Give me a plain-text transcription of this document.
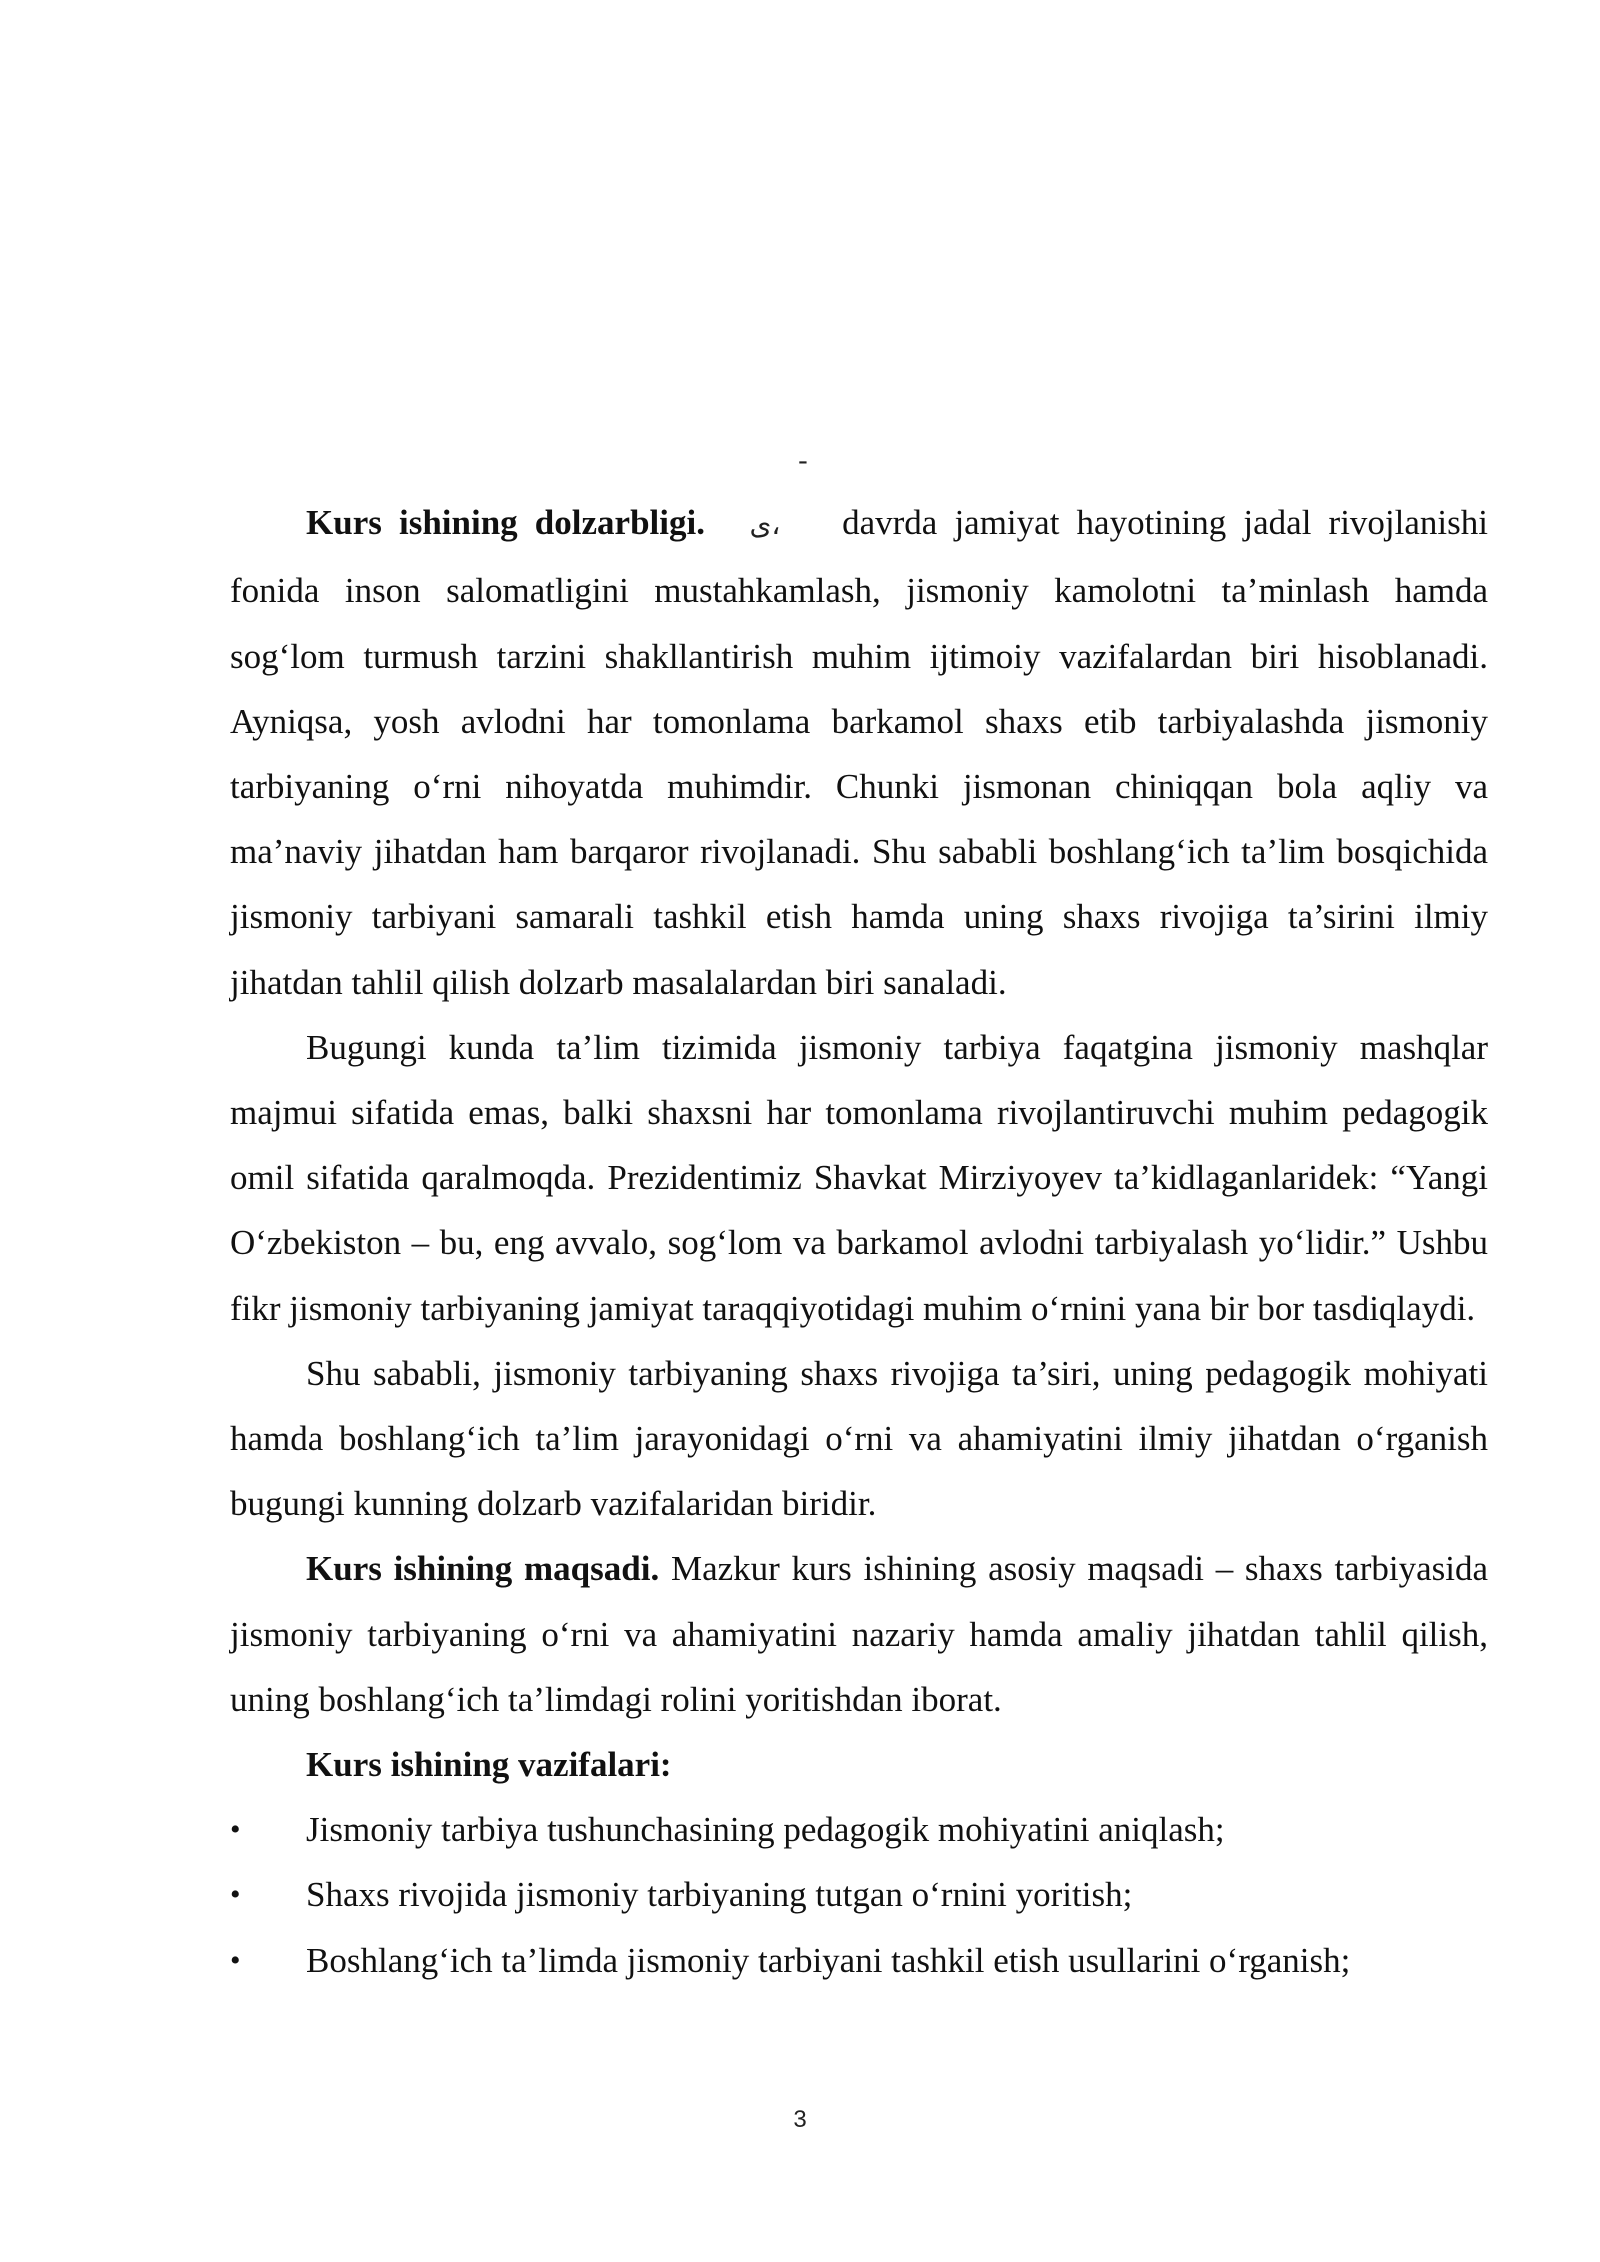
Kurs ishining dolzarbligi.- ى، davrda jamiyat hayotining jadal rivojlanishi fonida inson salomatligini mustahkamlash, jismoniy kamolotni ta’minlash hamda sog‘lom turmush tarzini shakllantirish muhim ijtimoiy vazifalardan biri hisoblanadi. Ayniqsa, yosh avlodni har tomonlama barkamol shaxs etib tarbiyalashda jismoniy tarbiyaning o‘rni nihoyatda muhimdir. Chunki jismonan chiniqqan bola aqliy va ma’naviy jihatdan ham barqaror rivojlanadi. Shu sababli boshlang‘ich ta’lim bosqichida jismoniy tarbiyani samarali tashkil etish hamda uning shaxs rivojiga ta’sirini ilmiy jihatdan tahlil qilish dolzarb masalalardan biri sanaladi.

Bugungi kunda ta’lim tizimida jismoniy tarbiya faqatgina jismoniy mashqlar majmui sifatida emas, balki shaxsni har tomonlama rivojlantiruvchi muhim pedagogik omil sifatida qaralmoqda. Prezidentimiz Shavkat Mirziyoyev ta’kidlaganlaridek: “Yangi O‘zbekiston – bu, eng avvalo, sog‘lom va barkamol avlodni tarbiyalash yo‘lidir.” Ushbu fikr jismoniy tarbiyaning jamiyat taraqqiyotidagi muhim o‘rnini yana bir bor tasdiqlaydi.

Shu sababli, jismoniy tarbiyaning shaxs rivojiga ta’siri, uning pedagogik mohiyati hamda boshlang‘ich ta’lim jarayonidagi o‘rni va ahamiyatini ilmiy jihatdan o‘rganish bugungi kunning dolzarb vazifalaridan biridir.

Kurs ishining maqsadi. Mazkur kurs ishining asosiy maqsadi – shaxs tarbiyasida jismoniy tarbiyaning o‘rni va ahamiyatini nazariy hamda amaliy jihatdan tahlil qilish, uning boshlang‘ich ta’limdagi rolini yoritishdan iborat.

Kurs ishining vazifalari:

•	Jismoniy tarbiya tushunchasining pedagogik mohiyatini aniqlash;
•	Shaxs rivojida jismoniy tarbiyaning tutgan o‘rnini yoritish;
•	Boshlang‘ich ta’limda jismoniy tarbiyani tashkil etish usullarini o‘rganish;
3
